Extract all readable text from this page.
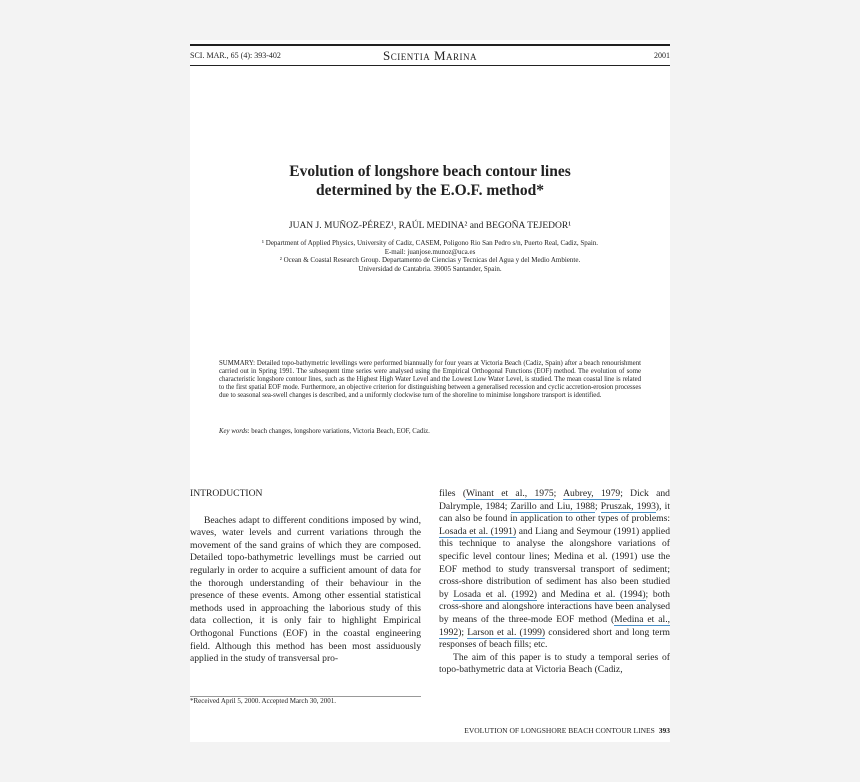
SCI. MAR., 65 (4): 393-402	Scientia Marina	2001
Evolution of longshore beach contour lines
determined by the E.O.F. method*
JUAN J. MUÑOZ-PÉREZ¹, RAÚL MEDINA² and BEGOÑA TEJEDOR¹
¹ Department of Applied Physics, University of Cadiz, CASEM, Poligono Rio San Pedro s/n, Puerto Real, Cadiz, Spain.
E-mail: juanjose.munoz@uca.es
² Ocean & Coastal Research Group. Departamento de Ciencias y Tecnicas del Agua y del Medio Ambiente.
Universidad de Cantabria. 39005 Santander, Spain.
SUMMARY: Detailed topo-bathymetric levellings were performed biannually for four years at Victoria Beach (Cadiz, Spain) after a beach renourishment carried out in Spring 1991. The subsequent time series were analysed using the Empirical Orthogonal Functions (EOF) method. The evolution of some characteristic longshore contour lines, such as the Highest High Water Level and the Lowest Low Water Level, is studied. The mean coastal line is related to the first spatial EOF mode. Furthermore, an objective criterion for distinguishing between a generalised recession and cyclic accretion-erosion processes due to seasonal sea-swell changes is described, and a uniformly clockwise turn of the shoreline to minimise longshore transport is identified.
Key words: beach changes, longshore variations, Victoria Beach, EOF, Cadiz.

INTRODUCTION

Beaches adapt to different conditions imposed by wind, waves, water levels and current variations through the movement of the sand grains of which they are composed. Detailed topo-bathymetric levellings must be carried out regularly in order to acquire a sufficient amount of data for the thorough understanding of their behaviour in the presence of these events. Among other essential statistical methods used in approaching the laborious study of this data collection, it is only fair to highlight Empirical Orthogonal Functions (EOF) in the coastal engineering field. Although this method has been most assiduously applied in the study of transversal pro-

files (Winant et al., 1975; Aubrey, 1979; Dick and Dalrymple, 1984; Zarillo and Liu, 1988; Pruszak, 1993), it can also be found in application to other types of problems: Losada et al. (1991) and Liang and Seymour (1991) applied this technique to analyse the alongshore variations of specific level contour lines; Medina et al. (1991) use the EOF method to study transversal transport of sediment; cross-shore distribution of sediment has also been studied by Losada et al. (1992) and Medina et al. (1994); both cross-shore and alongshore interactions have been analysed by means of the three-mode EOF method (Medina et al., 1992); Larson et al. (1999) considered short and long term responses of beach fills; etc.

The aim of this paper is to study a temporal series of topo-bathymetric data at Victoria Beach (Cadiz,

*Received April 5, 2000. Accepted March 30, 2001.
EVOLUTION OF LONGSHORE BEACH CONTOUR LINES 393
